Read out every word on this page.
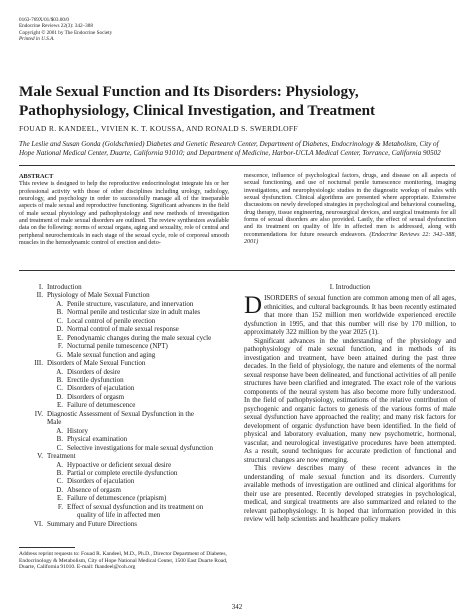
0163-769X/01/$03.00/0
Endocrine Reviews 22(3): 342–388
Copyright © 2001 by The Endocrine Society
Printed in U.S.A.
Male Sexual Function and Its Disorders: Physiology, Pathophysiology, Clinical Investigation, and Treatment
FOUAD R. KANDEEL, VIVIEN K. T. KOUSSA, AND RONALD S. SWERDLOFF
The Leslie and Susan Gonda (Goldschmied) Diabetes and Genetic Research Center, Department of Diabetes, Endocrinology & Metabolism, City of Hope National Medical Center, Duarte, California 91010; and Department of Medicine, Harbor-UCLA Medical Center, Torrance, California 90502
ABSTRACT
This review is designed to help the reproductive endocrinologist integrate his or her professional activity with those of other disciplines including urology, radiology, neurology, and psychology in order to successfully manage all of the inseparable aspects of male sexual and reproductive functioning. Significant advances in the field of male sexual physiology and pathophysiology and new methods of investigation and treatment of male sexual disorders are outlined. The review synthesizes available data on the following: norms of sexual organs, aging and sexuality, role of central and peripheral neurochemicals in each stage of the sexual cycle, role of corporeal smooth muscles in the hemodynamic control of erection and deto-
mescence, influence of psychological factors, drugs, and disease on all aspects of sexual functioning, and use of nocturnal penile tumescence monitoring, imaging investigations, and neurophysiologic studies in the diagnostic workup of males with sexual dysfunction. Clinical algorithms are presented where appropriate. Extensive discussions on newly developed strategies in psychological and behavioral counseling, drug therapy, tissue engineering, neurosurgical devices, and surgical treatments for all forms of sexual disorders are also provided. Lastly, the effect of sexual dysfunction and its treatment on quality of life in affected men is addressed, along with recommendations for future research endeavors. (Endocrine Reviews 22: 342–388, 2001)
I. Introduction
II. Physiology of Male Sexual Function
A. Penile structure, vasculature, and innervation
B. Normal penile and testicular size in adult males
C. Local control of penile erection
D. Normal control of male sexual response
E. Penodynamic changes during the male sexual cycle
F. Nocturnal penile tumescence (NPT)
G. Male sexual function and aging
III. Disorders of Male Sexual Function
A. Disorders of desire
B. Erectile dysfunction
C. Disorders of ejaculation
D. Disorders of orgasm
E. Failure of detumescence
IV. Diagnostic Assessment of Sexual Dysfunction in the
Male
A. History
B. Physical examination
C. Selective investigations for male sexual dysfunction
V. Treatment
A. Hypoactive or deficient sexual desire
B. Partial or complete erectile dysfunction
C. Disorders of ejaculation
D. Absence of orgasm
E. Failure of detumescence (priapism)
F. Effect of sexual dysfunction and its treatment on
quality of life in affected men
VI. Summary and Future Directions
Address reprint requests to: Fouad R. Kandeel, M.D., Ph.D., Director Department of Diabetes, Endocrinology & Metabolism, City of Hope National Medical Center, 1500 East Duarte Road, Duarte, California 91010. E-mail: fkandeel@coh.org
I. Introduction

DISORDERS of sexual function are common among men of all ages, ethnicities, and cultural backgrounds. It has been recently estimated that more than 152 million men worldwide experienced erectile dysfunction in 1995, and that this number will rise by 170 million, to approximately 322 million by the year 2025 (1).

Significant advances in the understanding of the physiology and pathophysiology of male sexual function, and in methods of its investigation and treatment, have been attained during the past three decades. In the field of physiology, the nature and elements of the normal sexual response have been delineated, and functional activities of all penile structures have been clarified and integrated. The exact role of the various components of the neural system has also become more fully understood. In the field of pathophysiology, estimations of the relative contribution of psychogenic and organic factors to genesis of the various forms of male sexual dysfunction have approached the reality; and many risk factors for development of organic dysfunction have been identified. In the field of physical and laboratory evaluation, many new psychometric, hormonal, vascular, and neurological investigative procedures have been attempted. As a result, sound techniques for accurate prediction of functional and structural changes are now emerging.

This review describes many of these recent advances in the understanding of male sexual function and its disorders. Currently available methods of investigation are outlined and clinical algorithms for their use are presented. Recently developed strategies in psychological, medical, and surgical treatments are also summarized and related to the relevant pathophysiology. It is hoped that information provided in this review will help scientists and healthcare policy makers

342
